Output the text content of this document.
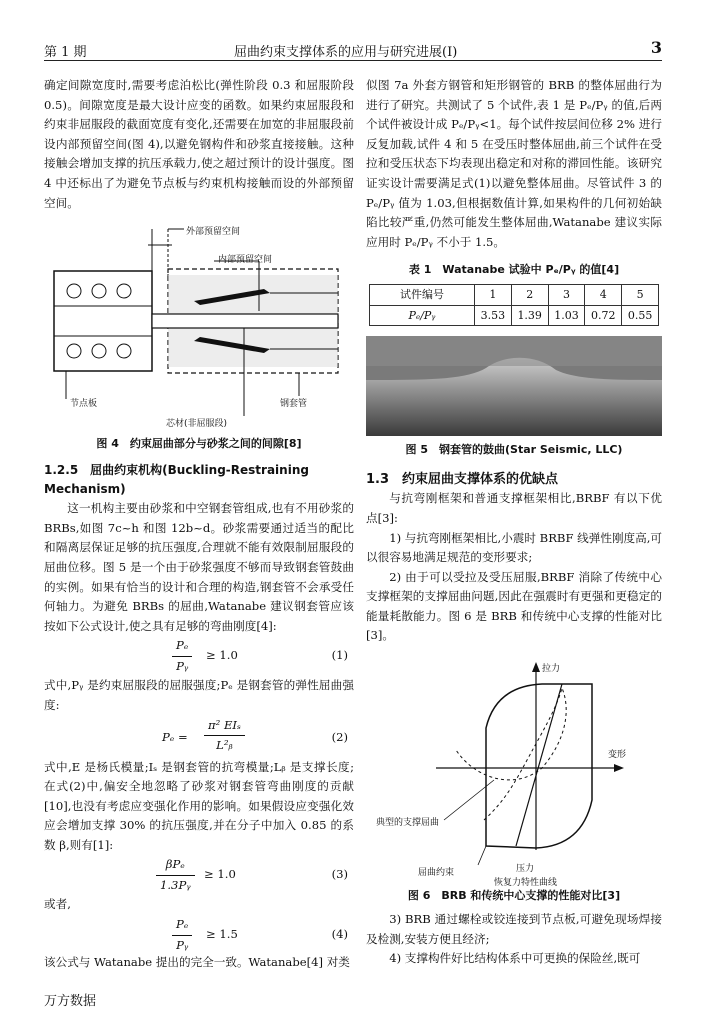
第 1 期	屈曲约束支撑体系的应用与研究进展(Ⅰ)	3

确定间隙宽度时,需要考虑泊松比(弹性阶段 0.3 和屈服阶段 0.5)。间隙宽度是最大设计应变的函数。如果约束屈服段和约束非屈服段的截面宽度有变化,还需要在加宽的非屈服段前设内部预留空间(图 4),以避免钢构件和砂浆直接接触。这种接触会增加支撑的抗压承载力,使之超过预计的设计强度。图 4 中还标出了为避免节点板与约束机构接触而设的外部预留空间。

外部预留空间
内部预留空间
节点板	钢套管
芯材(非屈服段)
图 4　约束屈曲部分与砂浆之间的间隙[8]
1.2.5　屈曲约束机构(Buckling-Restraining Mechanism)

这一机构主要由砂浆和中空钢套管组成,也有不用砂浆的 BRBs,如图 7c~h 和图 12b~d。砂浆需要通过适当的配比和隔离层保证足够的抗压强度,合理就不能有效限制屈服段的屈曲位移。图 5 是一个由于砂浆强度不够而导致钢套管鼓曲的实例。如果有恰当的设计和合理的构造,钢套管不会承受任何轴力。为避免 BRBs 的屈曲,Watanabe 建议钢套管应该按如下公式设计,使之具有足够的弯曲刚度[4]:

$\frac{\text{Pₑ}}{\text{Pᵧ}} \ge 1.0$	(1)

式中,Pᵧ 是约束屈服段的屈服强度;Pₑ 是钢套管的弹性屈曲强度:

Pₑ =
π² EIₛ
L²ᵦ
(2)

式中,E 是杨氏模量;Iₛ 是钢套管的抗弯模量;Lᵦ 是支撑长度;在式(2)中,偏安全地忽略了砂浆对钢套管弯曲刚度的贡献[10],也没有考虑应变强化作用的影响。如果假设应变强化效应会增加支撑 30% 的抗压强度,并在分子中加入 0.85 的系数 β,则有[1]:

βPₑ
1.3Pᵧ
≥ 1.0	(3)

或者,

$\frac{\text{Pₑ}}{\text{Pᵧ}} \ge 1.5$	(4)

该公式与 Watanabe 提出的完全一致。Watanabe[4] 对类

似图 7a 外套方钢管和矩形钢管的 BRB 的整体屈曲行为进行了研究。共测试了 5 个试件,表 1 是 Pₑ/Pᵧ 的值,后两个试件被设计成 Pₑ/Pᵧ<1。每个试件按层间位移 2% 进行反复加载,试件 4 和 5 在受压时整体屈曲,前三个试件在受拉和受压状态下均表现出稳定和对称的滞回性能。该研究证实设计需要满足式(1)以避免整体屈曲。尽管试件 3 的 Pₑ/Pᵧ 值为 1.03,但根据数值计算,如果构件的几何初始缺陷比较严重,仍然可能发生整体屈曲,Watanabe 建议实际应用时 Pₑ/Pᵧ 不小于 1.5。

表 1　Watanabe 试验中 Pₑ/Pᵧ 的值[4]
试件编号	1	2	3	4	5
Pₑ/Pᵧ	3.53	1.39	1.03	0.72	0.55
图 5　钢套管的鼓曲(Star Seismic, LLC)
1.3　约束屈曲支撑体系的优缺点

与抗弯刚框架和普通支撑框架相比,BRBF 有以下优点[3]:

1) 与抗弯刚框架相比,小震时 BRBF 线弹性刚度高,可以很容易地满足规范的变形要求;

2) 由于可以受拉及受压屈服,BRBF 消除了传统中心支撑框架的支撑屈曲问题,因此在强震时有更强和更稳定的能量耗散能力。图 6 是 BRB 和传统中心支撑的性能对比[3]。

拉力
变形
典型的支撑屈曲
屈曲约束	压力
恢复力特性曲线
图 6　BRB 和传统中心支撑的性能对比[3]

3) BRB 通过螺栓或铰连接到节点板,可避免现场焊接及检测,安装方便且经济;

4) 支撑构件好比结构体系中可更换的保险丝,既可

万方数据
